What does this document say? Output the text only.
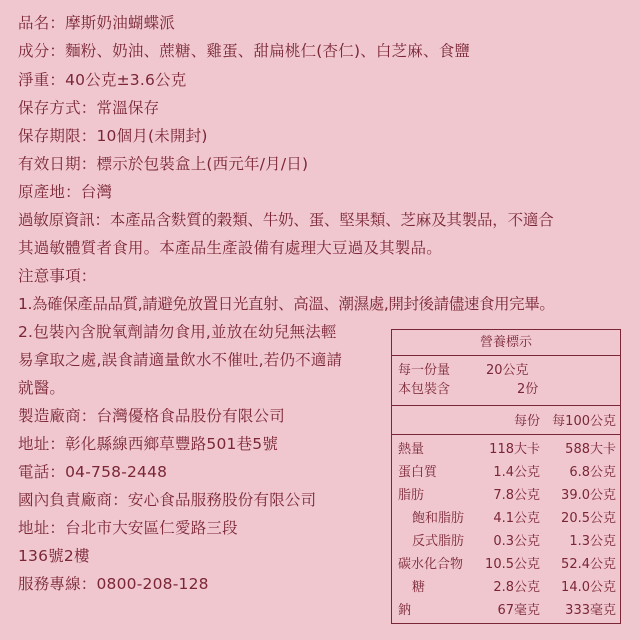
品名：摩斯奶油蝴蝶派
成分：麵粉、奶油、蔗糖、雞蛋、甜扁桃仁(杏仁)、白芝麻、食鹽
淨重：40公克±3.6公克
保存方式：常溫保存
保存期限：10個月(未開封)
有效日期：標示於包裝盒上(西元年/月/日)
原產地：台灣
過敏原資訊：本產品含麩質的穀類、牛奶、蛋、堅果類、芝麻及其製品，不適合
其過敏體質者食用。本產品生產設備有處理大豆過及其製品。
注意事項：
1.為確保產品品質,請避免放置日光直射、高溫、潮濕處,開封後請儘速食用完畢。
2.包裝內含脫氧劑請勿食用,並放在幼兒無法輕
易拿取之處,誤食請適量飲水不催吐,若仍不適請
就醫。
製造廠商：台灣優格食品股份有限公司
地址：彰化縣線西鄉草豐路501巷5號
電話：04-758-2448
國內負責廠商：安心食品服務股份有限公司
地址：台北市大安區仁愛路三段
136號2樓
服務專線：0800-208-128
營養標示
每一份量	20公克
本包裝含	2份
每份 每100公克
熱量	118大卡 588大卡
蛋白質	1.4公克 6.8公克
脂肪	7.8公克 39.0公克
飽和脂肪 4.1公克 20.5公克
反式脂肪 0.3公克 1.3公克
碳水化合物 10.5公克 52.4公克
糖	2.8公克 14.0公克
鈉	67毫克 333毫克
